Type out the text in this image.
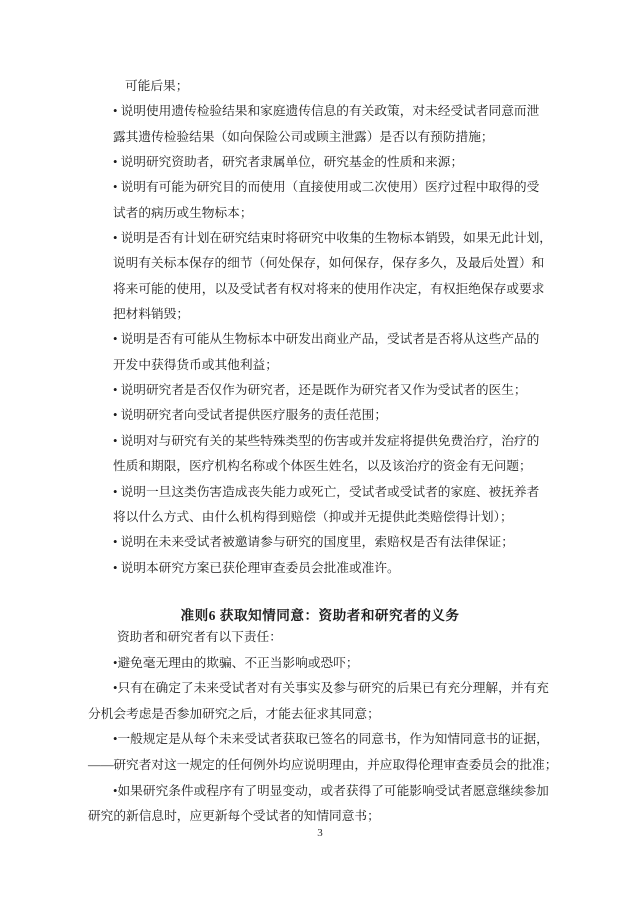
可能后果；
• 说明使用遗传检验结果和家庭遗传信息的有关政策，对未经受试者同意而泄
露其遗传检验结果（如向保险公司或顾主泄露）是否以有预防措施；
• 说明研究资助者，研究者隶属单位，研究基金的性质和来源；
• 说明有可能为研究目的而使用（直接使用或二次使用）医疗过程中取得的受
试者的病历或生物标本；
• 说明是否有计划在研究结束时将研究中收集的生物标本销毁，如果无此计划，
说明有关标本保存的细节（何处保存，如何保存，保存多久，及最后处置）和
将来可能的使用，以及受试者有权对将来的使用作决定，有权拒绝保存或要求
把材料销毁；
• 说明是否有可能从生物标本中研发出商业产品，受试者是否将从这些产品的
开发中获得货币或其他利益；
• 说明研究者是否仅作为研究者，还是既作为研究者又作为受试者的医生；
• 说明研究者向受试者提供医疗服务的责任范围；
• 说明对与研究有关的某些特殊类型的伤害或并发症将提供免费治疗，治疗的
性质和期限，医疗机构名称或个体医生姓名，以及该治疗的资金有无问题；
• 说明一旦这类伤害造成丧失能力或死亡，受试者或受试者的家庭、被抚养者
将以什么方式、由什么机构得到赔偿（抑或并无提供此类赔偿得计划）；
• 说明在未来受试者被邀请参与研究的国度里，索赔权是否有法律保证；
• 说明本研究方案已获伦理审查委员会批准或准许。
准则6 获取知情同意：资助者和研究者的义务
资助者和研究者有以下责任：
•避免毫无理由的欺骗、不正当影响或恐吓；
•只有在确定了未来受试者对有关事实及参与研究的后果已有充分理解，并有充
分机会考虑是否参加研究之后，才能去征求其同意；
•一般规定是从每个未来受试者获取已签名的同意书，作为知情同意书的证据，
——研究者对这一规定的任何例外均应说明理由，并应取得伦理审查委员会的批准；
•如果研究条件或程序有了明显变动，或者获得了可能影响受试者愿意继续参加
研究的新信息时，应更新每个受试者的知情同意书；
3
